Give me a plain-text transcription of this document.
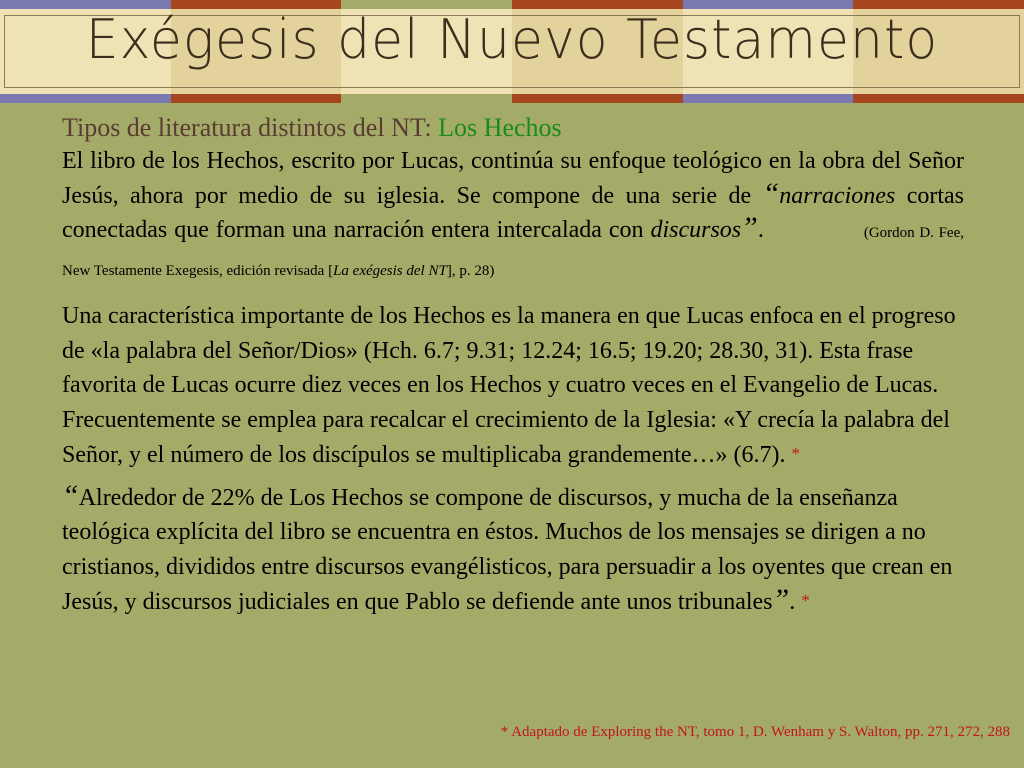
Exégesis del Nuevo Testamento
Tipos de literatura distintos del NT: Los Hechos

El libro de los Hechos, escrito por Lucas, continúa su enfoque teológico en la obra del Señor Jesús, ahora por medio de su iglesia. Se compone de una serie de “narraciones cortas conectadas que forman una narración entera intercalada con discursos”.	(Gordon D. Fee, New Testamente Exegesis, edición revisada [La exégesis del NT], p. 28)

Una característica importante de los Hechos es la manera en que Lucas enfoca en el progreso de «la palabra del Señor/Dios» (Hch. 6.7; 9.31; 12.24; 16.5; 19.20; 28.30, 31). Esta frase favorita de Lucas ocurre diez veces en los Hechos y cuatro veces en el Evangelio de Lucas. Frecuentemente se emplea para recalcar el crecimiento de la Iglesia: «Y crecía la palabra del Señor, y el número de los discípulos se multiplicaba grandemente…» (6.7). *

“Alrededor de 22% de Los Hechos se compone de discursos, y mucha de la enseñanza teológica explícita del libro se encuentra en éstos. Muchos de los mensajes se dirigen a no cristianos, divididos entre discursos evangélisticos, para persuadir a los oyentes que crean en Jesús, y discursos judiciales en que Pablo se defiende ante unos tribunales”. *

* Adaptado de Exploring the NT, tomo 1, D. Wenham y S. Walton, pp. 271, 272, 288
